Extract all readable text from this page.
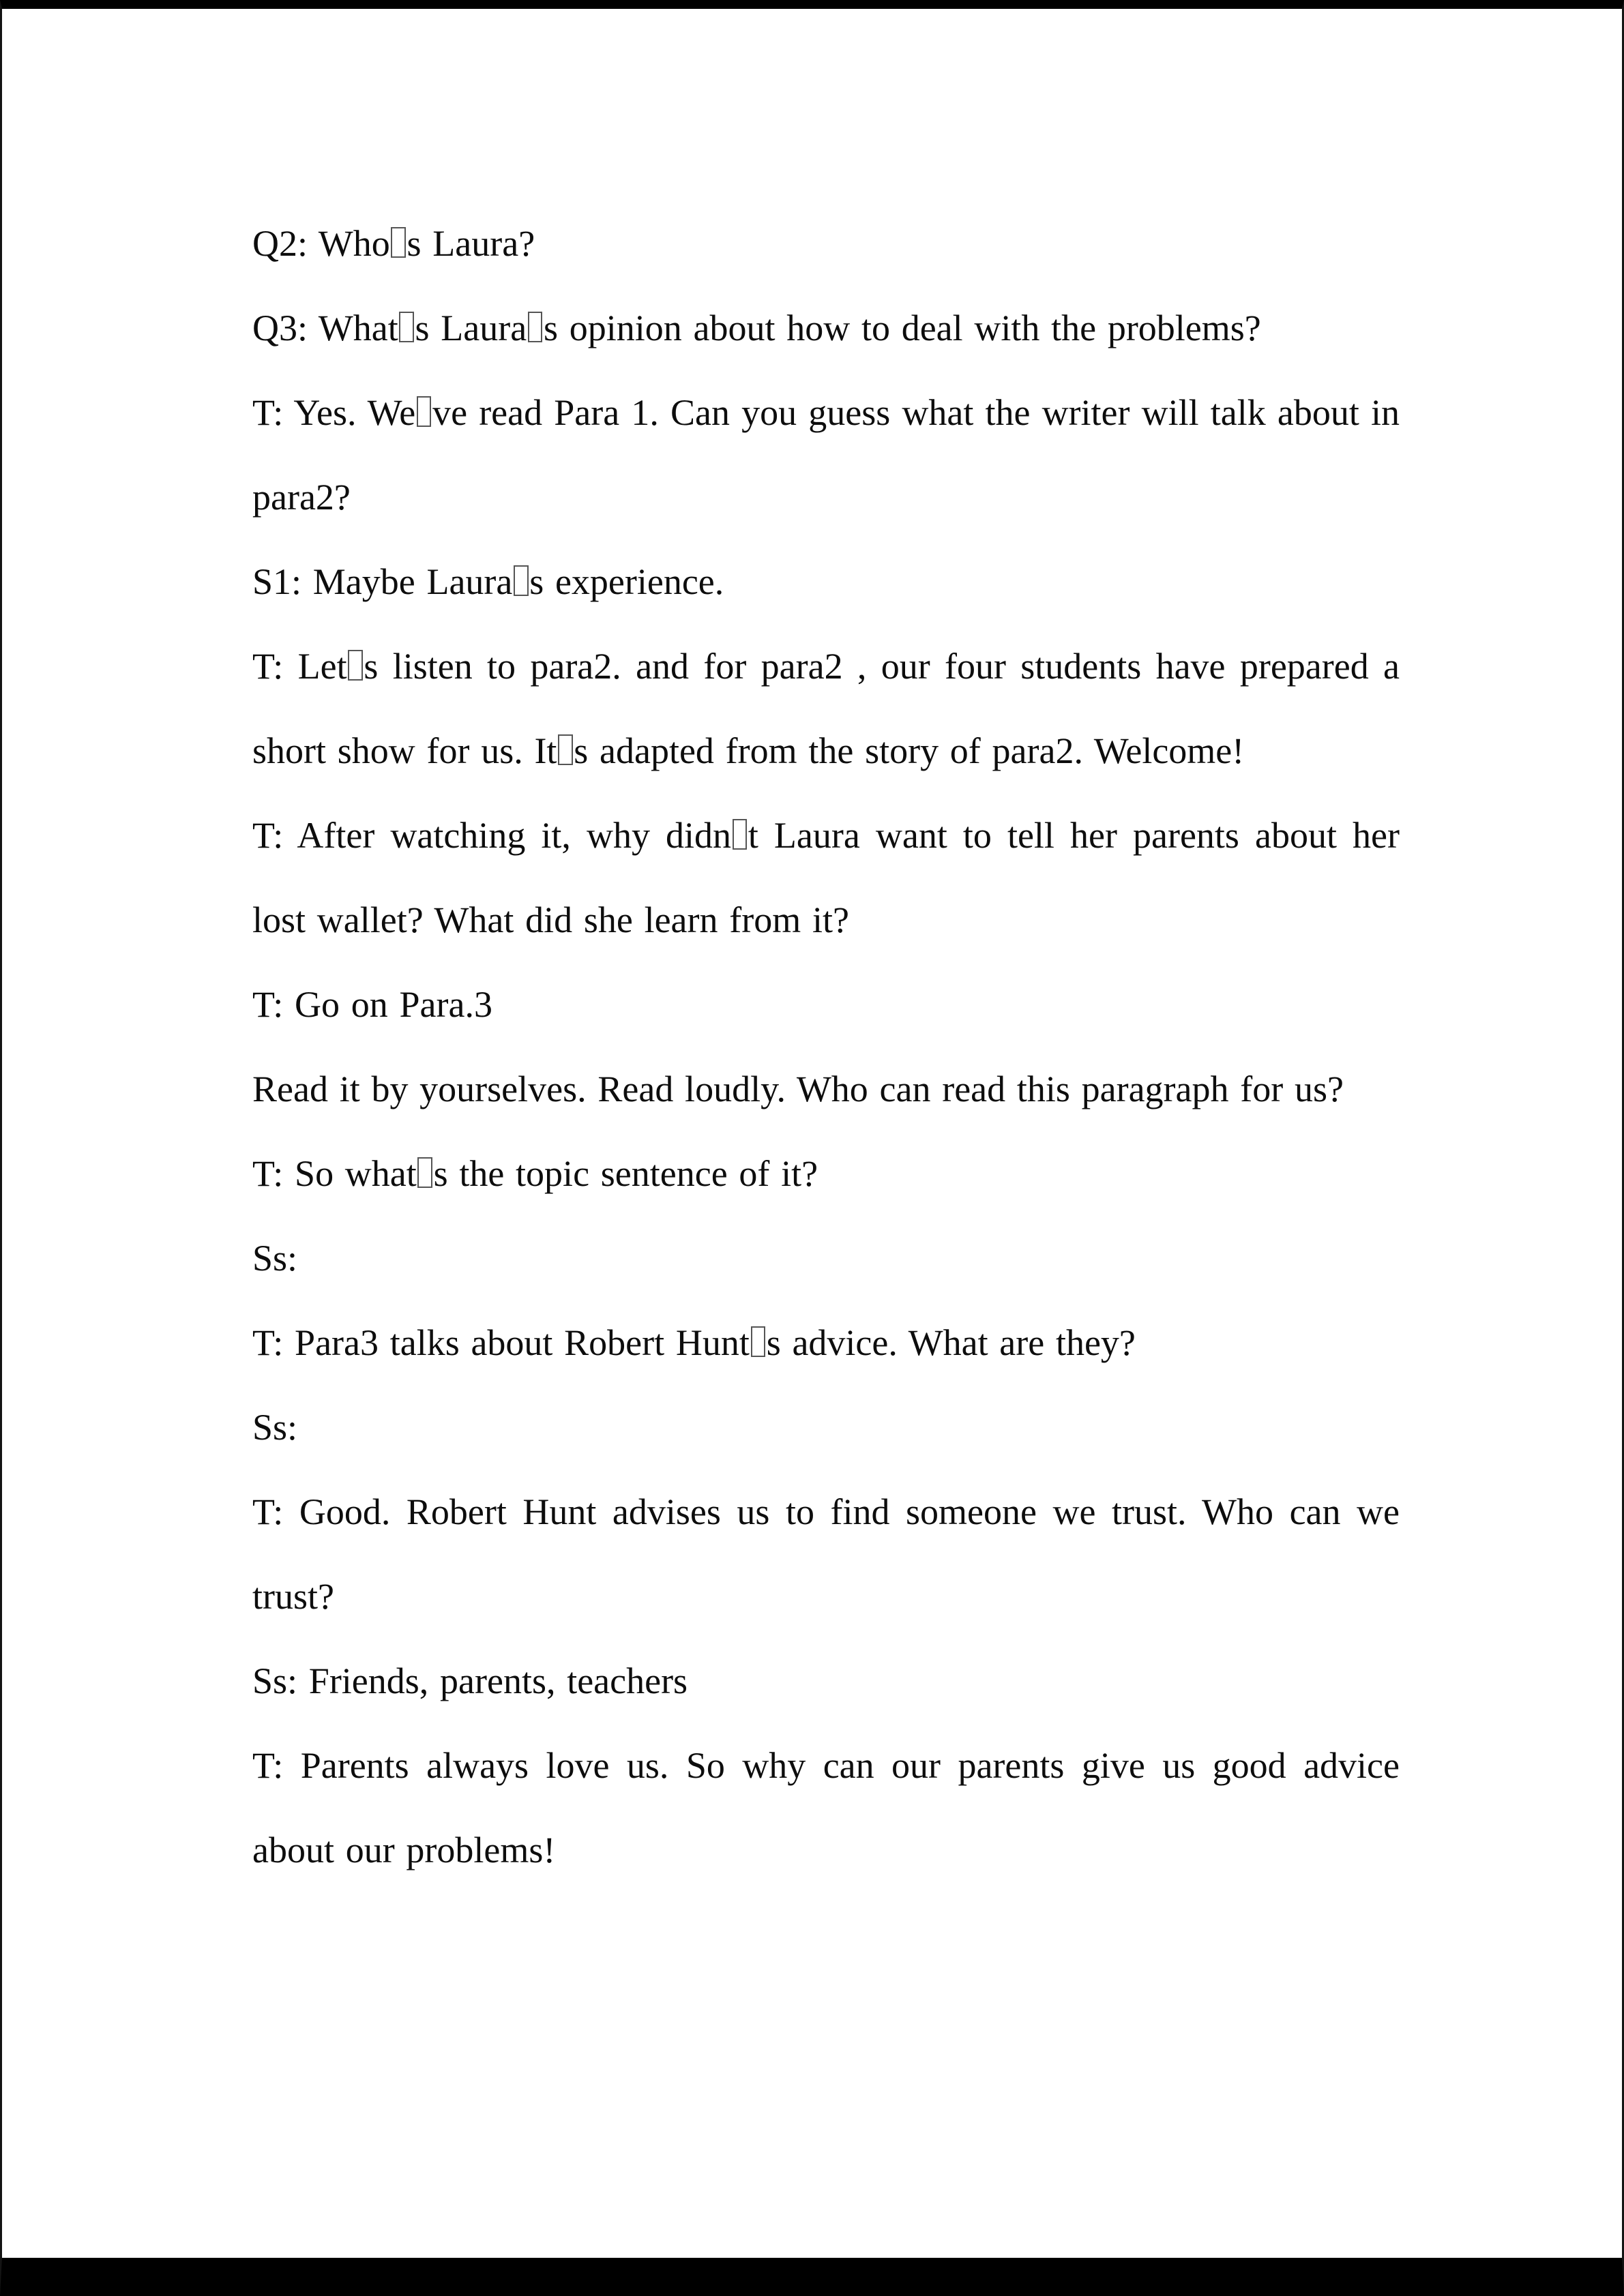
Q2: Who s Laura?

Q3: What s Laura s opinion about how to deal with the problems?

T: Yes. We ve read Para 1. Can you guess what the writer will talk about in para2?

S1: Maybe Laura s experience.

T: Let s listen to para2. and for para2 , our four students have prepared a short show for us. It s adapted from the story of para2. Welcome!

T: After watching it, why didn t Laura want to tell her parents about her lost wallet? What did she learn from it?

T: Go on Para.3

Read it by yourselves. Read loudly. Who can read this paragraph for us?

T: So what s the topic sentence of it?

Ss:

T: Para3 talks about Robert Hunt s advice. What are they?

Ss:

T: Good. Robert Hunt advises us to find someone we trust. Who can we trust?

Ss: Friends, parents, teachers

T: Parents always love us. So why can our parents give us good advice about our problems!
